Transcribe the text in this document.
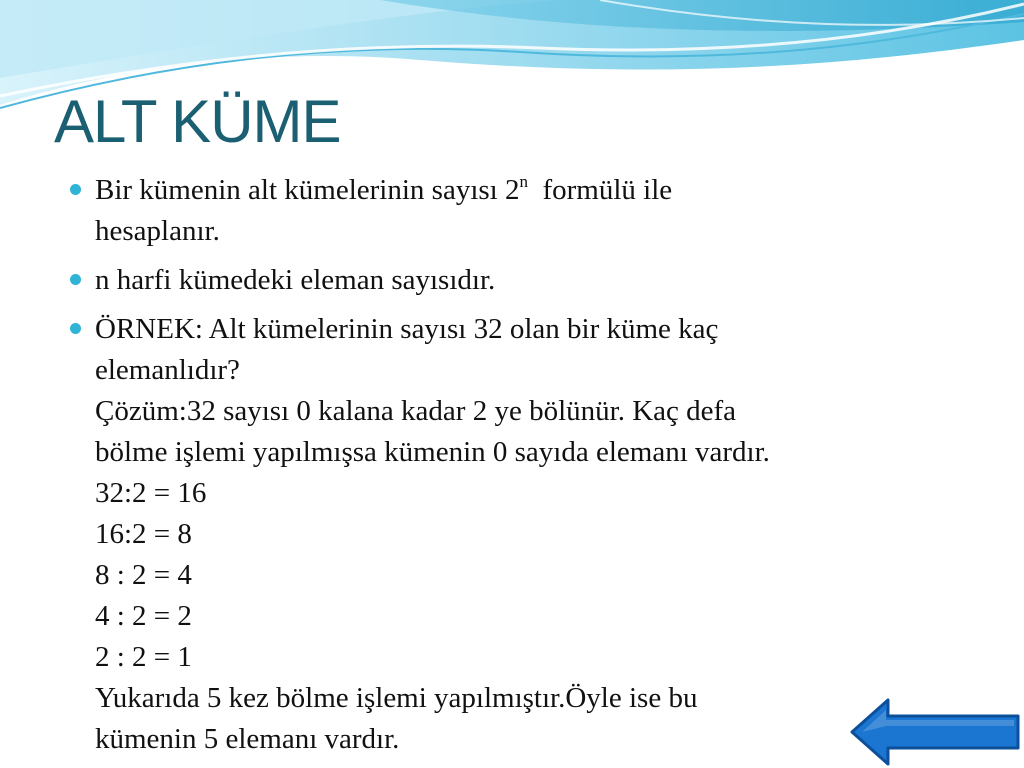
ALT KÜME
Bir kümenin alt kümelerinin sayısı 2$^n$  formülü ile
hesaplanır.
n harfi kümedeki eleman sayısıdır.
ÖRNEK: Alt kümelerinin sayısı 32 olan bir küme kaç
elemanlıdır?
Çözüm:32 sayısı 0 kalana kadar 2 ye bölünür. Kaç defa
bölme işlemi yapılmışsa kümenin 0 sayıda elemanı vardır.
32:2 = 16
16:2 = 8
8 : 2 = 4
4 : 2 = 2
2 : 2 = 1
Yukarıda 5 kez bölme işlemi yapılmıştır.Öyle ise bu
kümenin 5 elemanı vardır.
